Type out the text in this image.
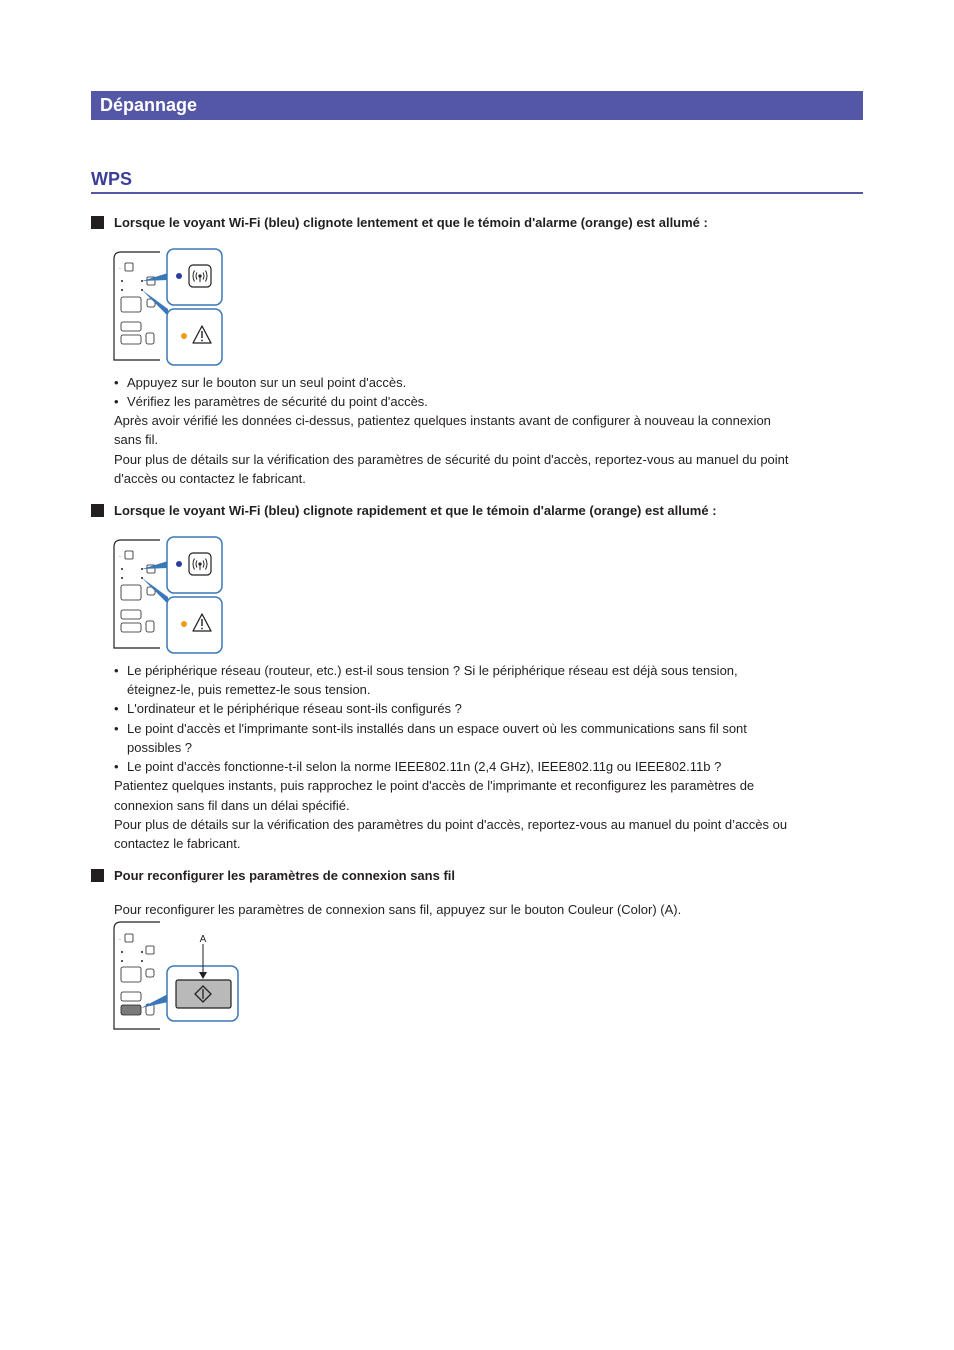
Dépannage
WPS
Lorsque le voyant Wi-Fi (bleu) clignote lentement et que le témoin d'alarme (orange) est allumé :
◦
• Appuyez sur le bouton sur un seul point d'accès.
• Vérifiez les paramètres de sécurité du point d'accès.
Après avoir vérifié les données ci-dessus, patientez quelques instants avant de configurer à nouveau la connexion
sans fil.
Pour plus de détails sur la vérification des paramètres de sécurité du point d'accès, reportez-vous au manuel du point
d'accès ou contactez le fabricant.
Lorsque le voyant Wi-Fi (bleu) clignote rapidement et que le témoin d'alarme (orange) est allumé :
◦
• Le périphérique réseau (routeur, etc.) est-il sous tension ? Si le périphérique réseau est déjà sous tension,
éteignez-le, puis remettez-le sous tension.
• L'ordinateur et le périphérique réseau sont-ils configurés ?
• Le point d'accès et l'imprimante sont-ils installés dans un espace ouvert où les communications sans fil sont
possibles ?
• Le point d'accès fonctionne-t-il selon la norme IEEE802.11n (2,4 GHz), IEEE802.11g ou IEEE802.11b ?
Patientez quelques instants, puis rapprochez le point d'accès de l'imprimante et reconfigurez les paramètres de
connexion sans fil dans un délai spécifié.
Pour plus de détails sur la vérification des paramètres du point d'accès, reportez-vous au manuel du point d’accès ou
contactez le fabricant.
Pour reconfigurer les paramètres de connexion sans fil
Pour reconfigurer les paramètres de connexion sans fil, appuyez sur le bouton Couleur (Color) (A).
◦	A
